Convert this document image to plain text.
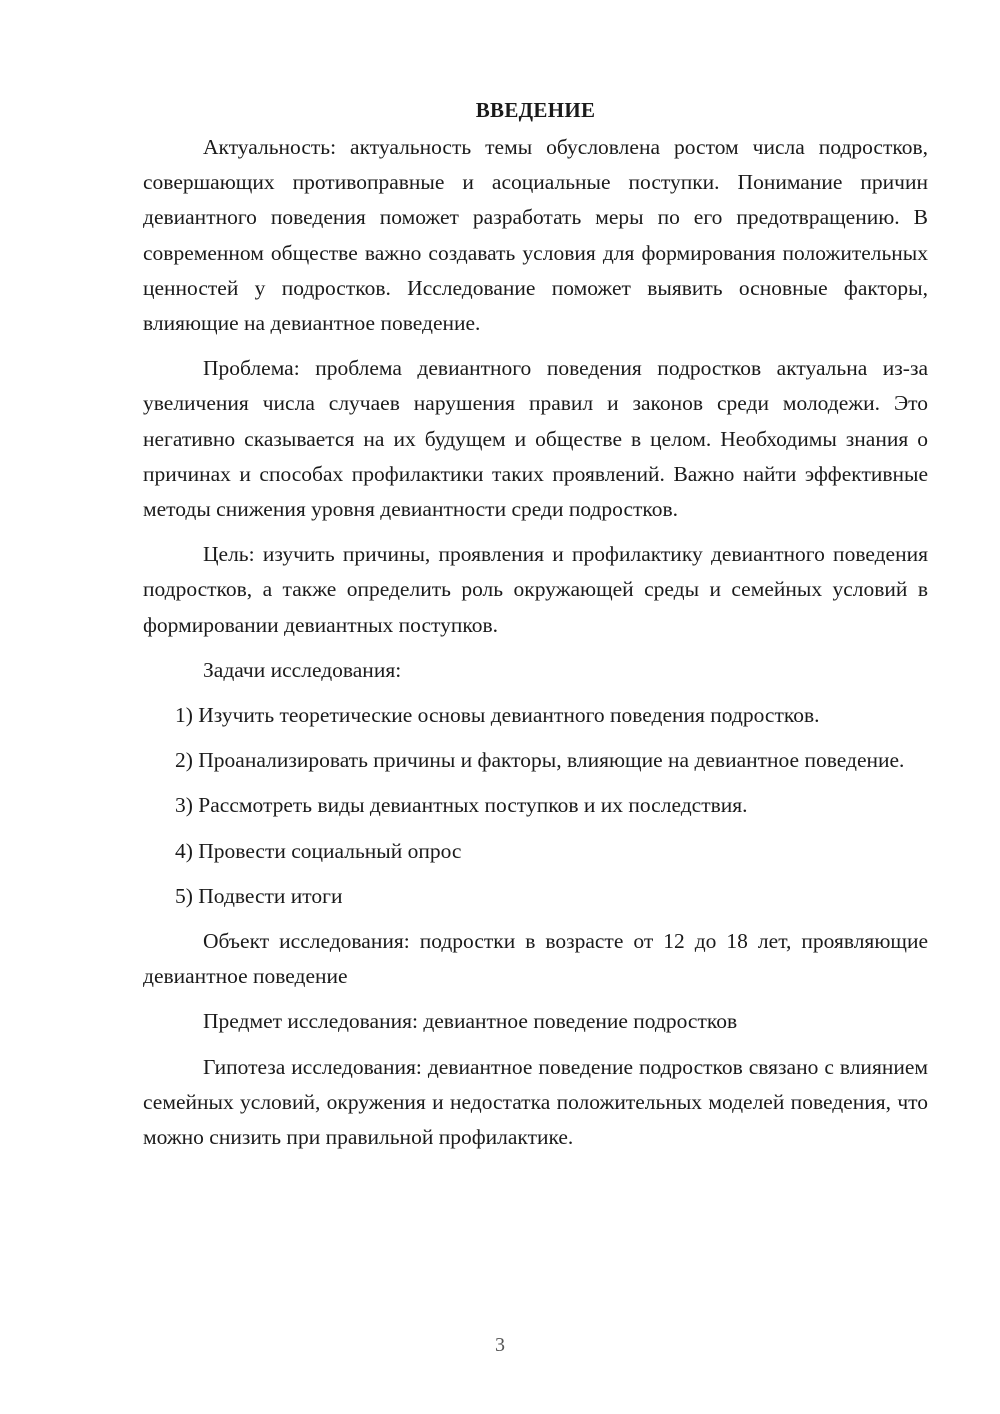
ВВЕДЕНИЕ

Актуальность: актуальность темы обусловлена ростом числа подростков, совершающих противоправные и асоциальные поступки. Понимание причин девиантного поведения поможет разработать меры по его предотвращению. В современном обществе важно создавать условия для формирования положительных ценностей у подростков. Исследование поможет выявить основные факторы, влияющие на девиантное поведение.

Проблема: проблема девиантного поведения подростков актуальна из-за увеличения числа случаев нарушения правил и законов среди молодежи. Это негативно сказывается на их будущем и обществе в целом. Необходимы знания о причинах и способах профилактики таких проявлений. Важно найти эффективные методы снижения уровня девиантности среди подростков.

Цель: изучить причины, проявления и профилактику девиантного поведения подростков, а также определить роль окружающей среды и семейных условий в формировании девиантных поступков.

Задачи исследования:

1) Изучить теоретические основы девиантного поведения подростков.

2) Проанализировать причины и факторы, влияющие на девиантное поведение.

3) Рассмотреть виды девиантных поступков и их последствия.

4) Провести социальный опрос

5) Подвести итоги

Объект исследования: подростки в возрасте от 12 до 18 лет, проявляющие девиантное поведение

Предмет исследования: девиантное поведение подростков

Гипотеза исследования: девиантное поведение подростков связано с влиянием семейных условий, окружения и недостатка положительных моделей поведения, что можно снизить при правильной профилактике.

3
